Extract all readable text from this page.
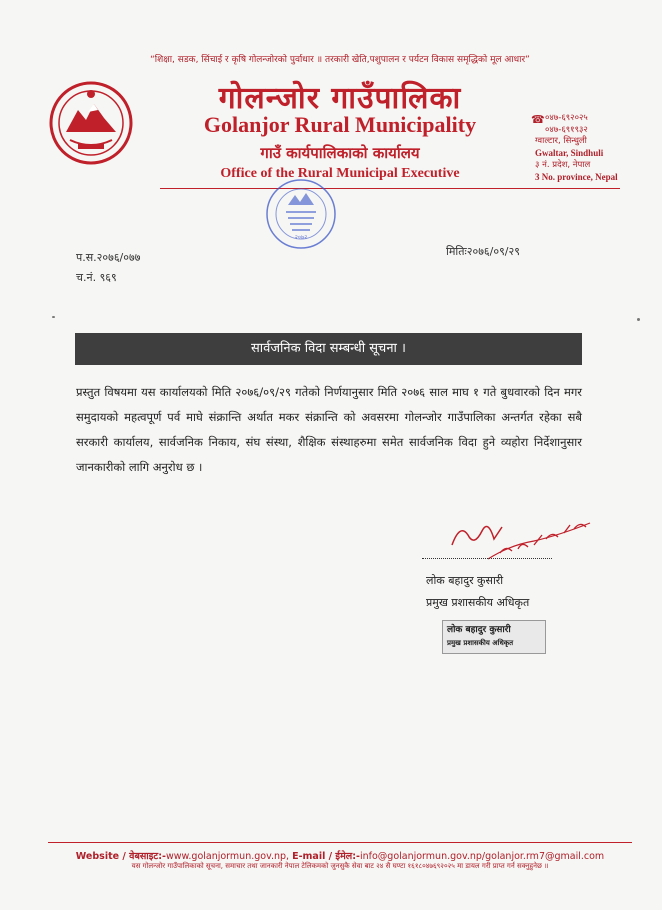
“शिक्षा, सडक, सिंचाई र कृषि गोलन्जोरको पुर्वाधार ॥ तरकारी खेति,पशुपालन र पर्यटन विकास समृद्धिको मूल आधार”
गोलन्जोर गाउँपालिका
Golanjor Rural Municipality
गाउँ कार्यपालिकाको कार्यालय
Office of the Rural Municipal Executive
☎ ०४७-६९२०२५
०४७-६९१९३२
ग्वाल्टार, सिन्धुली
Gwaltar, Sindhuli
३ नं. प्रदेश, नेपाल
3 No. province, Nepal
२०७२
प.स.२०७६/०७७
च.नं. ९६९
मितिः२०७६/०९/२९
सार्वजनिक विदा सम्बन्धी सूचना ।
प्रस्तुत विषयमा यस कार्यालयको मिति २०७६/०९/२९ गतेको निर्णयानुसार मिति २०७६ साल माघ १ गते बुधवारको दिन मगर समुदायको महत्वपूर्ण पर्व माघे संक्रान्ति अर्थात मकर संक्रान्ति को अवसरमा गोलन्जोर गाउँपालिका अन्तर्गत रहेका सबै सरकारी कार्यालय, सार्वजनिक निकाय, संघ संस्था, शैक्षिक संस्थाहरुमा समेत सार्वजनिक विदा हुने व्यहोरा निर्देशानुसार जानकारीको लागि अनुरोध छ ।
लोक बहादुर कुसारी
प्रमुख प्रशासकीय अधिकृत
लोक बहादुर कुसारी
प्रमुख प्रशासकीय अधिकृत
Website / वेबसाइट:-www.golanjormun.gov.np, E-mail / ईमेल:-info@golanjormun.gov.np/golanjor.rm7@gmail.com
यस गोलन्जोर गाउँपालिकाको सूचना, समाचार तथा जानकारी नेपाल टेलिकमको जुनसुकै सेवा बाट २४ सै घण्टा १६१८०४७६९२०२५ मा डायल गरी प्राप्त गर्न सक्नुहुनेछ ॥
